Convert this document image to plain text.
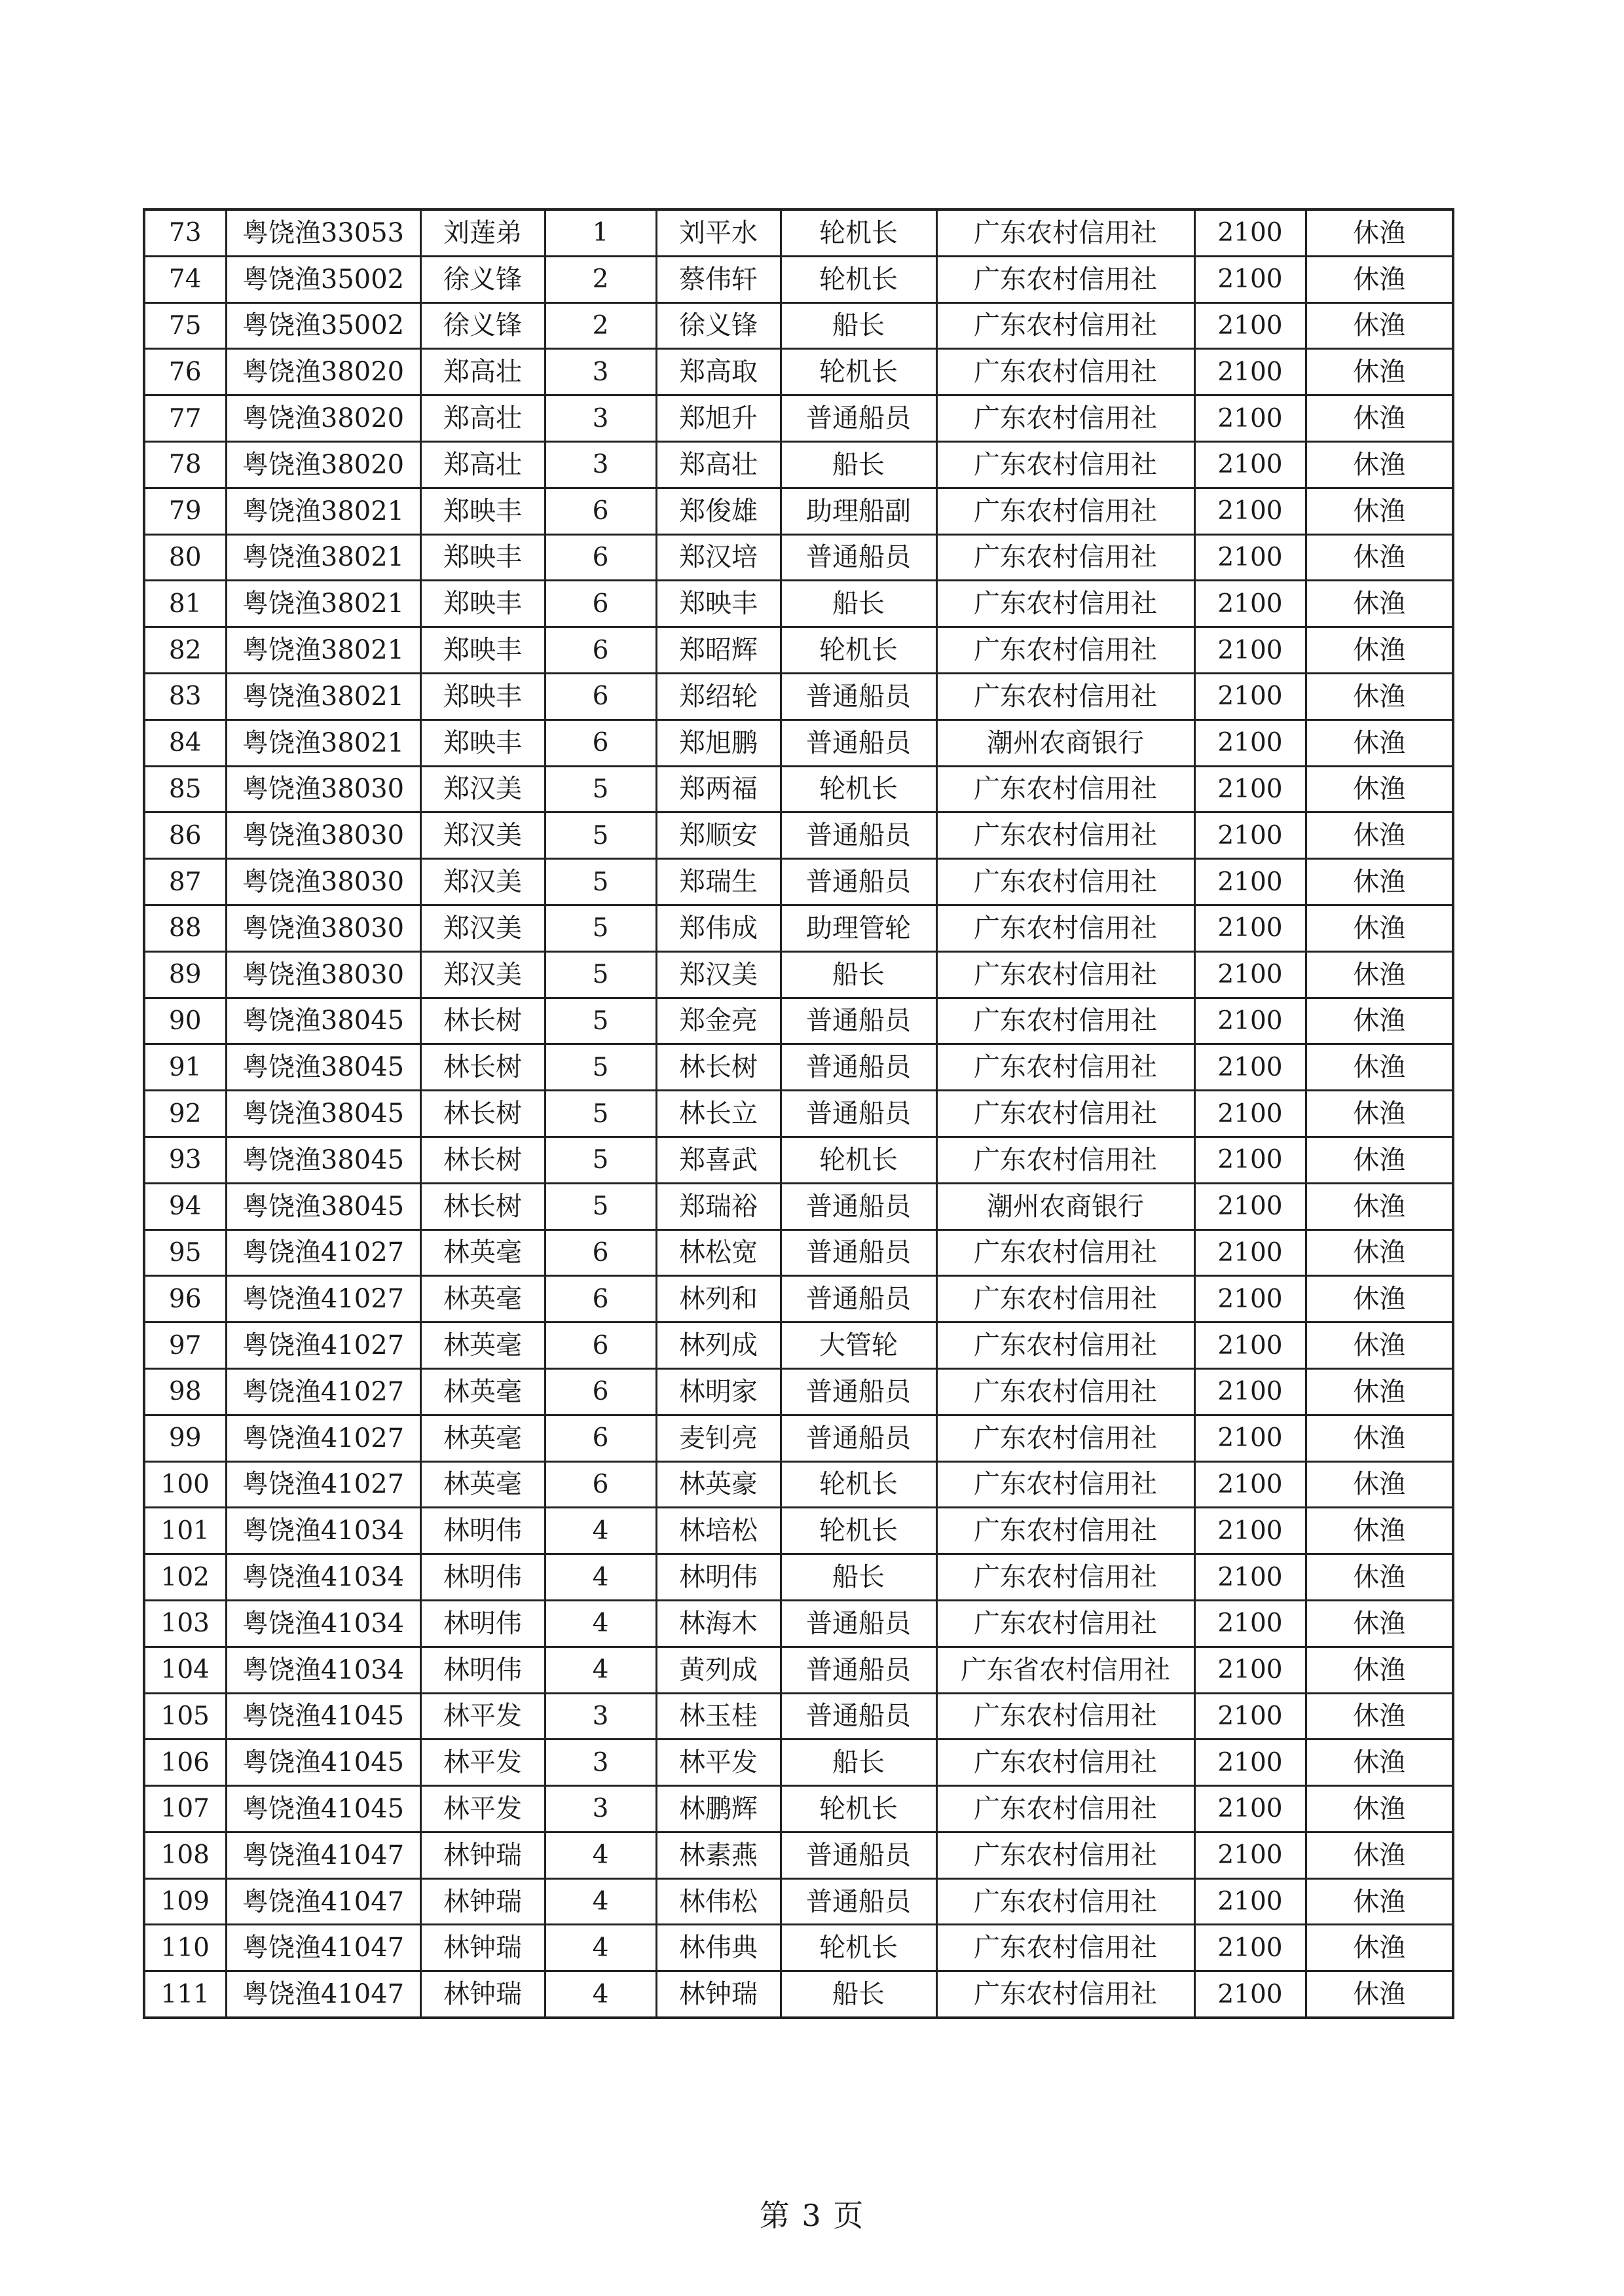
73	粤饶渔33053	刘莲弟	1	刘平水	轮机长	广东农村信用社	2100	休渔
74	粤饶渔35002	徐义锋	2	蔡伟轩	轮机长	广东农村信用社	2100	休渔
75	粤饶渔35002	徐义锋	2	徐义锋	船长	广东农村信用社	2100	休渔
76	粤饶渔38020	郑高壮	3	郑高取	轮机长	广东农村信用社	2100	休渔
77	粤饶渔38020	郑高壮	3	郑旭升	普通船员	广东农村信用社	2100	休渔
78	粤饶渔38020	郑高壮	3	郑高壮	船长	广东农村信用社	2100	休渔
79	粤饶渔38021	郑映丰	6	郑俊雄	助理船副	广东农村信用社	2100	休渔
80	粤饶渔38021	郑映丰	6	郑汉培	普通船员	广东农村信用社	2100	休渔
81	粤饶渔38021	郑映丰	6	郑映丰	船长	广东农村信用社	2100	休渔
82	粤饶渔38021	郑映丰	6	郑昭辉	轮机长	广东农村信用社	2100	休渔
83	粤饶渔38021	郑映丰	6	郑绍轮	普通船员	广东农村信用社	2100	休渔
84	粤饶渔38021	郑映丰	6	郑旭鹏	普通船员	潮州农商银行	2100	休渔
85	粤饶渔38030	郑汉美	5	郑两福	轮机长	广东农村信用社	2100	休渔
86	粤饶渔38030	郑汉美	5	郑顺安	普通船员	广东农村信用社	2100	休渔
87	粤饶渔38030	郑汉美	5	郑瑞生	普通船员	广东农村信用社	2100	休渔
88	粤饶渔38030	郑汉美	5	郑伟成	助理管轮	广东农村信用社	2100	休渔
89	粤饶渔38030	郑汉美	5	郑汉美	船长	广东农村信用社	2100	休渔
90	粤饶渔38045	林长树	5	郑金亮	普通船员	广东农村信用社	2100	休渔
91	粤饶渔38045	林长树	5	林长树	普通船员	广东农村信用社	2100	休渔
92	粤饶渔38045	林长树	5	林长立	普通船员	广东农村信用社	2100	休渔
93	粤饶渔38045	林长树	5	郑喜武	轮机长	广东农村信用社	2100	休渔
94	粤饶渔38045	林长树	5	郑瑞裕	普通船员	潮州农商银行	2100	休渔
95	粤饶渔41027	林英毫	6	林松宽	普通船员	广东农村信用社	2100	休渔
96	粤饶渔41027	林英毫	6	林列和	普通船员	广东农村信用社	2100	休渔
97	粤饶渔41027	林英毫	6	林列成	大管轮	广东农村信用社	2100	休渔
98	粤饶渔41027	林英毫	6	林明家	普通船员	广东农村信用社	2100	休渔
99	粤饶渔41027	林英毫	6	麦钊亮	普通船员	广东农村信用社	2100	休渔
100	粤饶渔41027	林英毫	6	林英豪	轮机长	广东农村信用社	2100	休渔
101	粤饶渔41034	林明伟	4	林培松	轮机长	广东农村信用社	2100	休渔
102	粤饶渔41034	林明伟	4	林明伟	船长	广东农村信用社	2100	休渔
103	粤饶渔41034	林明伟	4	林海木	普通船员	广东农村信用社	2100	休渔
104	粤饶渔41034	林明伟	4	黄列成	普通船员	广东省农村信用社	2100	休渔
105	粤饶渔41045	林平发	3	林玉桂	普通船员	广东农村信用社	2100	休渔
106	粤饶渔41045	林平发	3	林平发	船长	广东农村信用社	2100	休渔
107	粤饶渔41045	林平发	3	林鹏辉	轮机长	广东农村信用社	2100	休渔
108	粤饶渔41047	林钟瑞	4	林素燕	普通船员	广东农村信用社	2100	休渔
109	粤饶渔41047	林钟瑞	4	林伟松	普通船员	广东农村信用社	2100	休渔
110	粤饶渔41047	林钟瑞	4	林伟典	轮机长	广东农村信用社	2100	休渔
111	粤饶渔41047	林钟瑞	4	林钟瑞	船长	广东农村信用社	2100	休渔
第 3 页
